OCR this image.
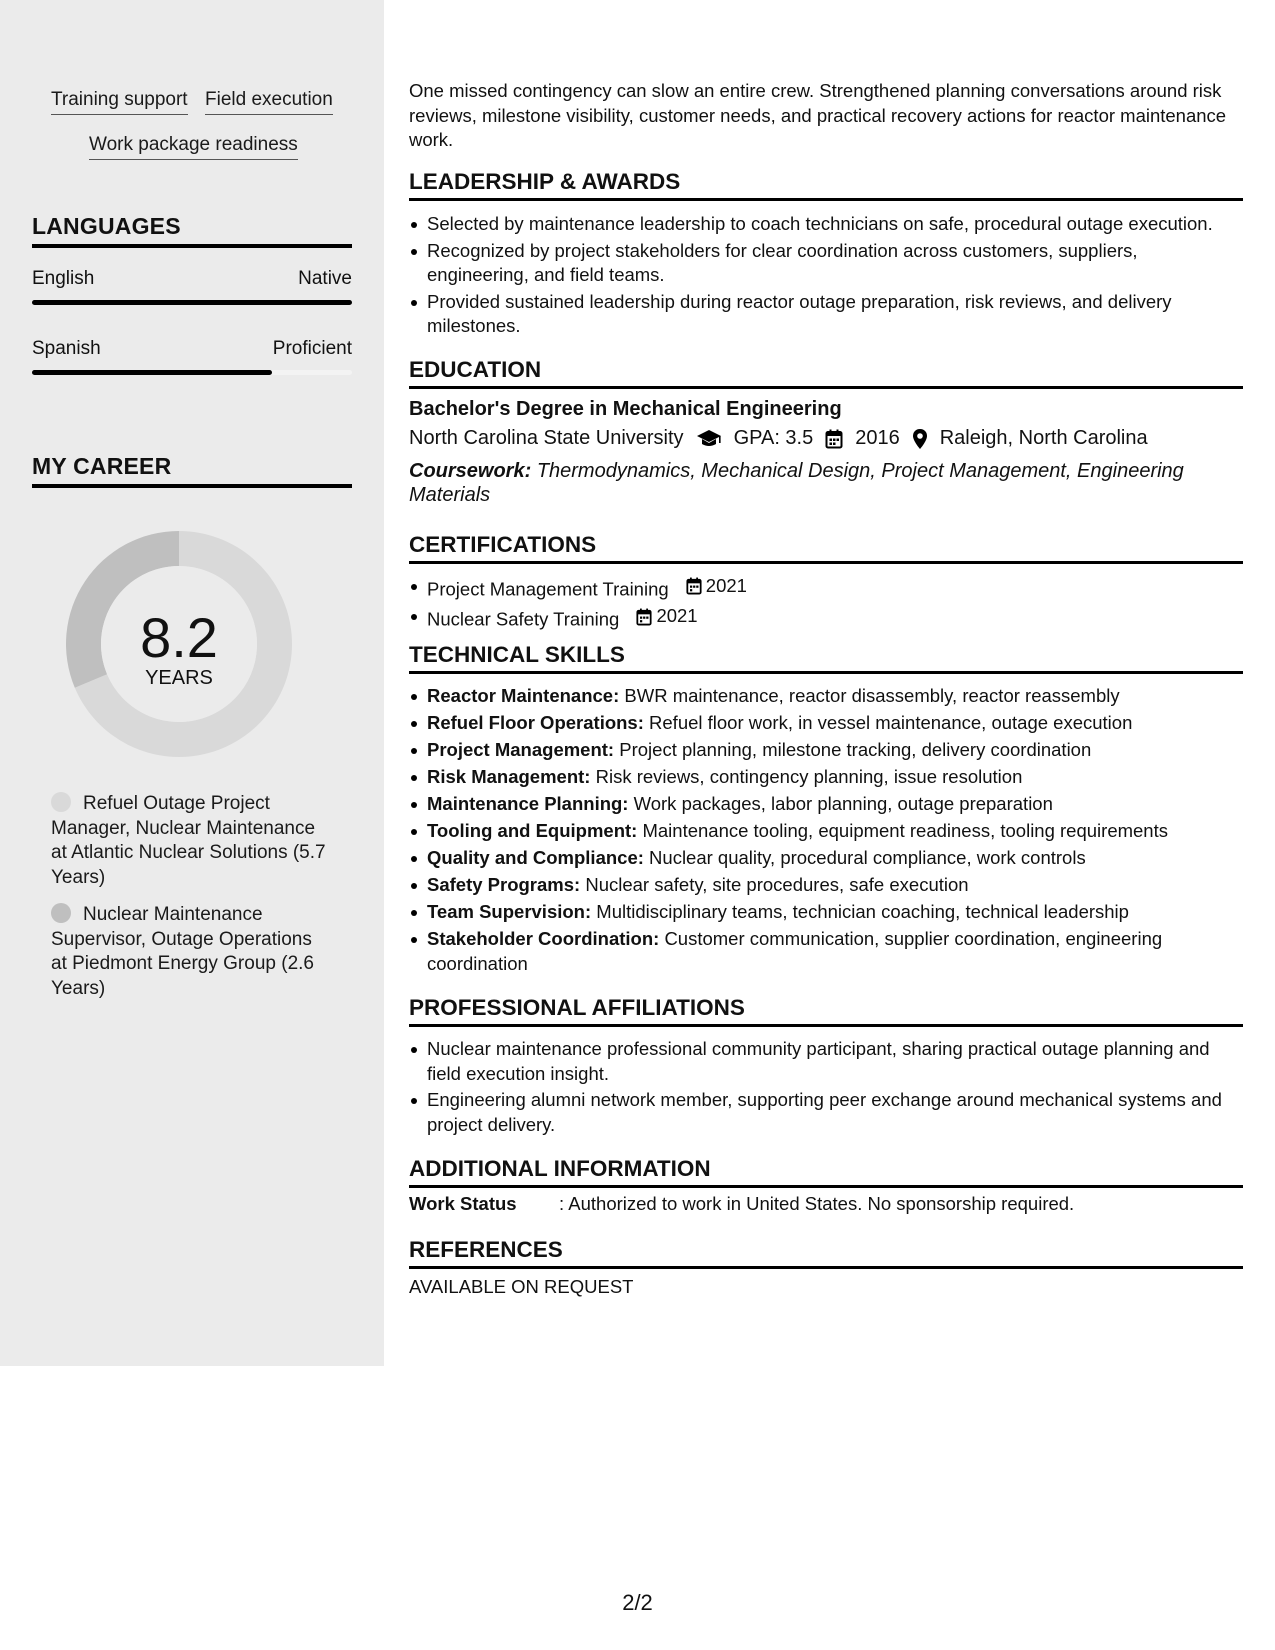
Training support Field execution
Work package readiness
LANGUAGES
English	Native
Spanish	Proficient
MY CAREER
8.2
YEARS
Refuel Outage Project Manager, Nuclear Maintenance at Atlantic Nuclear Solutions (5.7 Years)
Nuclear Maintenance Supervisor, Outage Operations at Piedmont Energy Group (2.6 Years)

One missed contingency can slow an entire crew. Strengthened planning conversations around risk reviews, milestone visibility, customer needs, and practical recovery actions for reactor maintenance work.

LEADERSHIP & AWARDS
Selected by maintenance leadership to coach technicians on safe, procedural outage execution.
Recognized by project stakeholders for clear coordination across customers, suppliers, engineering, and field teams.
Provided sustained leadership during reactor outage preparation, risk reviews, and delivery milestones.
EDUCATION
Bachelor's Degree in Mechanical Engineering
North Carolina State University	GPA: 3.5 2016 Raleigh, North Carolina
Coursework: Thermodynamics, Mechanical Design, Project Management, Engineering Materials
CERTIFICATIONS
Project Management Training 2021
Nuclear Safety Training 2021
TECHNICAL SKILLS
Reactor Maintenance: BWR maintenance, reactor disassembly, reactor reassembly
Refuel Floor Operations: Refuel floor work, in vessel maintenance, outage execution
Project Management: Project planning, milestone tracking, delivery coordination
Risk Management: Risk reviews, contingency planning, issue resolution
Maintenance Planning: Work packages, labor planning, outage preparation
Tooling and Equipment: Maintenance tooling, equipment readiness, tooling requirements
Quality and Compliance: Nuclear quality, procedural compliance, work controls
Safety Programs: Nuclear safety, site procedures, safe execution
Team Supervision: Multidisciplinary teams, technician coaching, technical leadership
Stakeholder Coordination: Customer communication, supplier coordination, engineering coordination
PROFESSIONAL AFFILIATIONS
Nuclear maintenance professional community participant, sharing practical outage planning and field execution insight.
Engineering alumni network member, supporting peer exchange around mechanical systems and project delivery.
ADDITIONAL INFORMATION
Work Status	: Authorized to work in United States. No sponsorship required.
REFERENCES
AVAILABLE ON REQUEST
2/2
